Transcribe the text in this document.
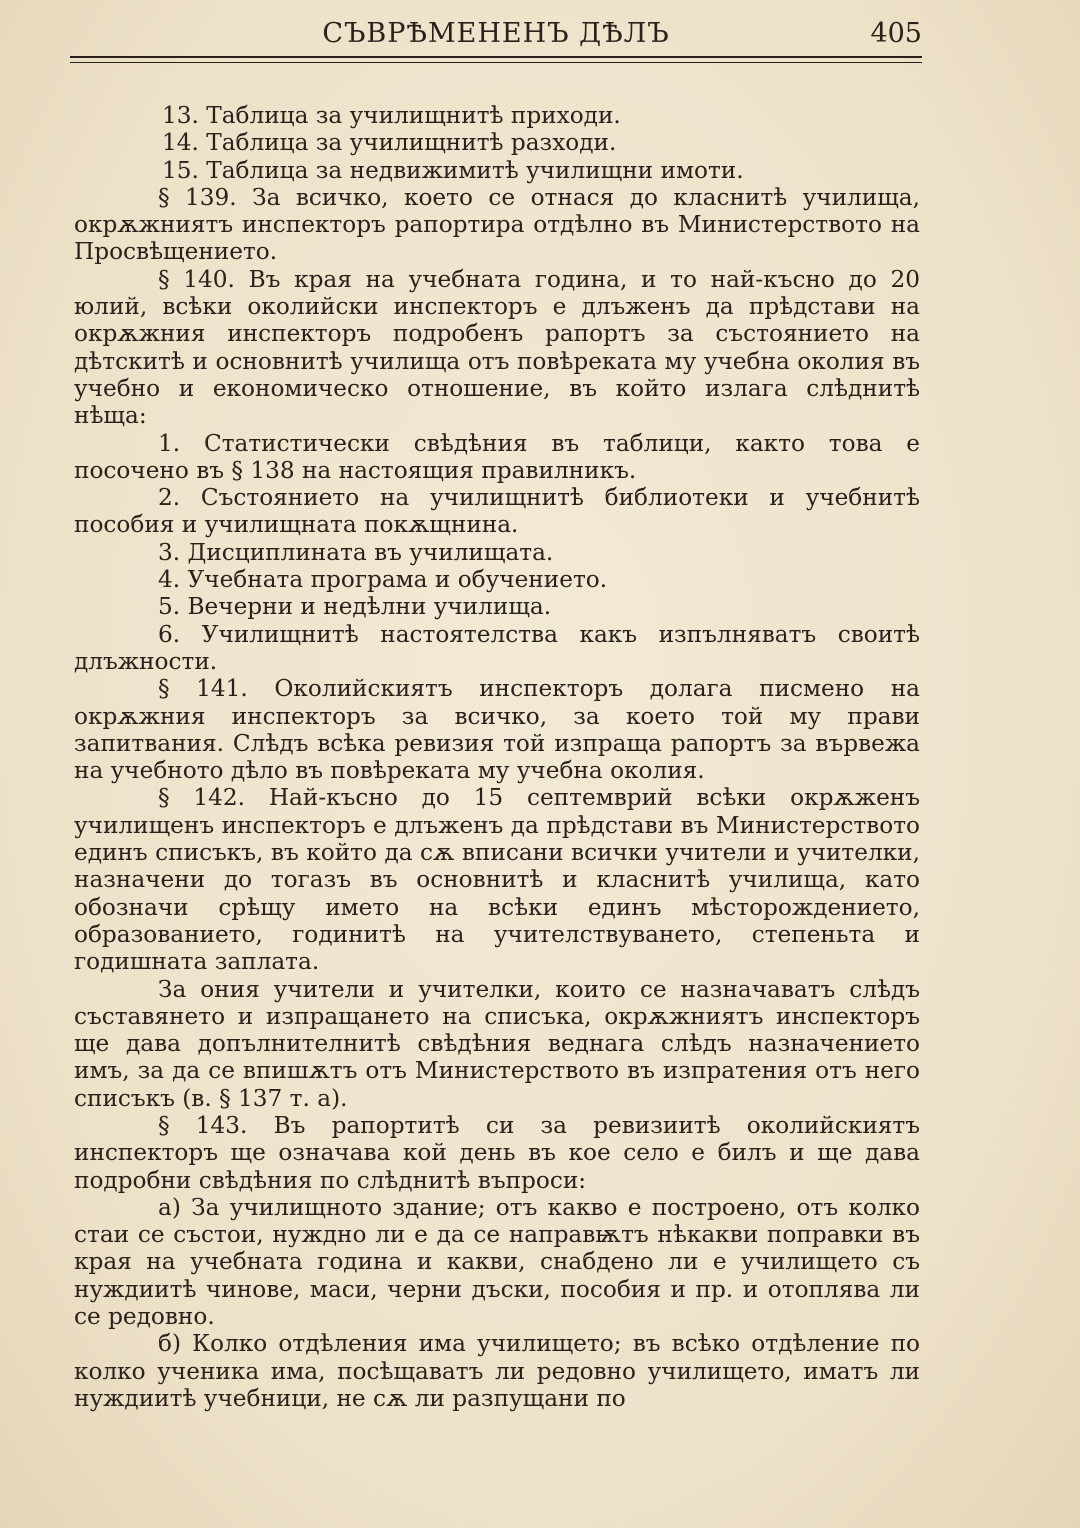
СЪВРѢМЕНЕНЪ ДѢЛЪ	405

13. Таблица за училищнитѣ приходи.

14. Таблица за училищнитѣ разходи.

15. Таблица за недвижимитѣ училищни имоти.

§ 139. За всичко, което се отнася до класнитѣ училища, окрѫжниятъ инспекторъ рапортира отдѣлно въ Министерството на Просвѣщението.

§ 140. Въ края на учебната година, и то най-късно до 20 юлий, всѣки околийски инспекторъ е длъженъ да прѣдстави на окрѫжния инспекторъ подробенъ рапортъ за състоянието на дѣтскитѣ и основнитѣ училища отъ повѣреката му учебна околия въ учебно и економическо отношение, въ който излага слѣднитѣ нѣща:

1. Статистически свѣдѣния въ таблици, както това е посочено въ § 138 на настоящия правилникъ.

2. Състоянието на училищнитѣ библиотеки и учебнитѣ пособия и училищната покѫщнина.

3. Дисциплината въ училищата.

4. Учебната програма и обучението.

5. Вечерни и недѣлни училища.

6. Училищнитѣ настоятелства какъ изпълняватъ своитѣ длъжности.

§ 141. Околийскиятъ инспекторъ долага писмено на окрѫжния инспекторъ за всичко, за което той му прави запитвания. Слѣдъ всѣка ревизия той изпраща рапортъ за вървежа на учебното дѣло въ повѣреката му учебна околия.

§ 142. Най-късно до 15 септемврий всѣки окрѫженъ училищенъ инспекторъ е длъженъ да прѣдстави въ Министерството единъ списъкъ, въ който да сѫ вписани всички учители и учителки, назначени до тогазъ въ основнитѣ и класнитѣ училища, като обозначи срѣщу името на всѣки единъ мѣсторождението, образованието, годинитѣ на учителствуването, степеньта и годишната заплата.

За ония учители и учителки, които се назначаватъ слѣдъ съставянето и изпращането на списъка, окрѫжниятъ инспекторъ ще дава допълнителнитѣ свѣдѣния веднага слѣдъ назначението имъ, за да се впишѫтъ отъ Министерството въ изпратения отъ него списъкъ (в. § 137 т. а).

§ 143. Въ рапортитѣ си за ревизиитѣ околийскиятъ инспекторъ ще означава кой день въ кое село е билъ и ще дава подробни свѣдѣния по слѣднитѣ въпроси:

а) За училищното здание; отъ какво е построено, отъ колко стаи се състои, нуждно ли е да се направѭтъ нѣкакви поправки въ края на учебната година и какви, снабдено ли е училището съ нуждиитѣ чинове, маси, черни дъски, пособия и пр. и отоплява ли се редовно.

б) Колко отдѣления има училището; въ всѣко отдѣление по колко ученика има, посѣщаватъ ли редовно училището, иматъ ли нуждиитѣ учебници, не сѫ ли разпущани по
